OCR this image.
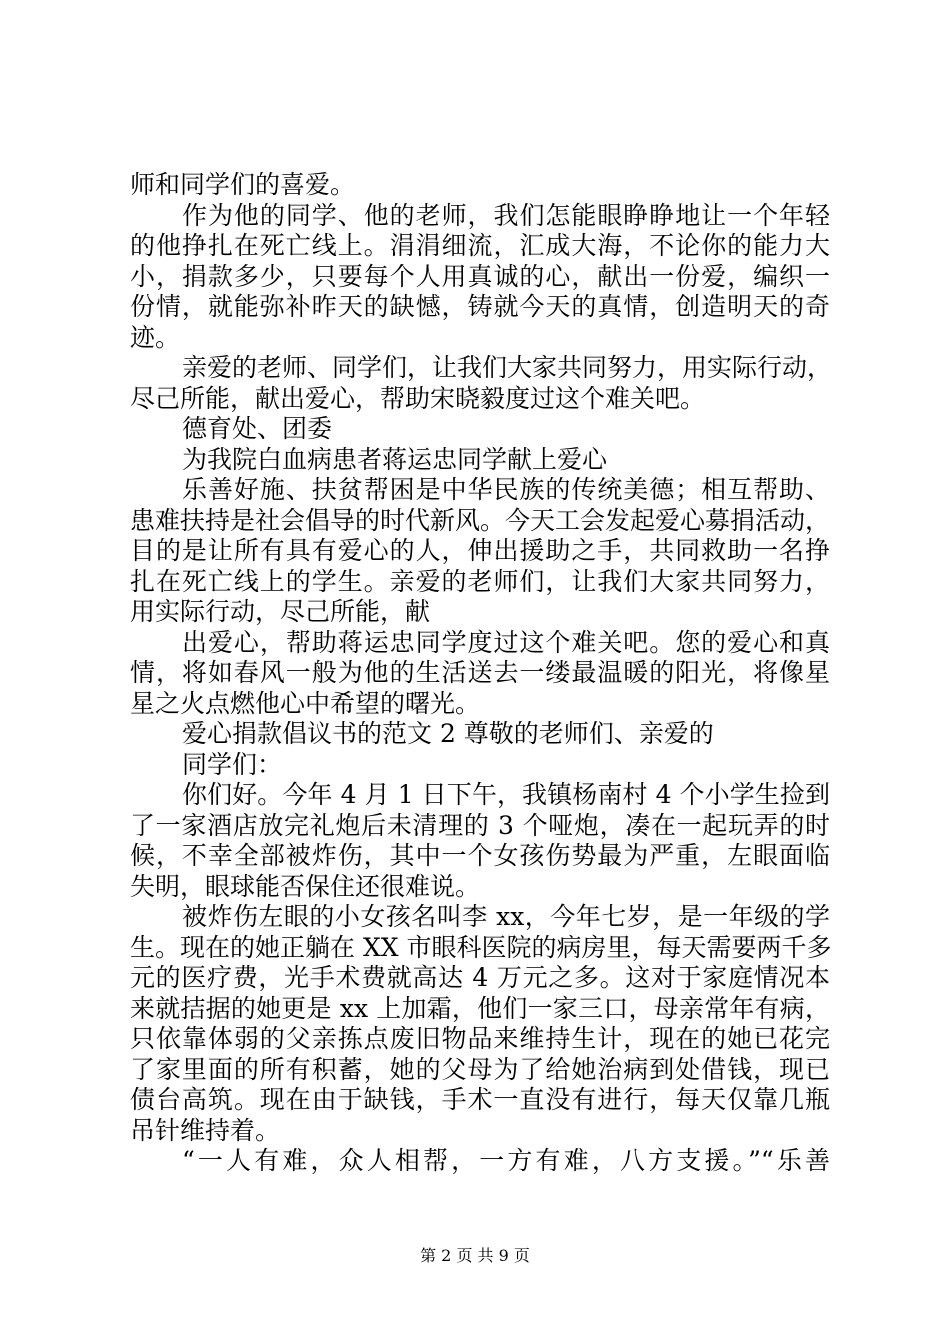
师和同学们的喜爱。
作为他的同学、他的老师，我们怎能眼睁睁地让一个年轻
的他挣扎在死亡线上。涓涓细流，汇成大海，不论你的能力大
小，捐款多少，只要每个人用真诚的心，献出一份爱，编织一
份情，就能弥补昨天的缺憾，铸就今天的真情，创造明天的奇
迹。
亲爱的老师、同学们，让我们大家共同努力，用实际行动，
尽己所能，献出爱心，帮助宋晓毅度过这个难关吧。
德育处、团委
为我院白血病患者蒋运忠同学献上爱心
乐善好施、扶贫帮困是中华民族的传统美德；相互帮助、
患难扶持是社会倡导的时代新风。今天工会发起爱心募捐活动，
目的是让所有具有爱心的人，伸出援助之手，共同救助一名挣
扎在死亡线上的学生。亲爱的老师们，让我们大家共同努力，
用实际行动，尽己所能，献
出爱心，帮助蒋运忠同学度过这个难关吧。您的爱心和真
情，将如春风一般为他的生活送去一缕最温暖的阳光，将像星
星之火点燃他心中希望的曙光。
爱心捐款倡议书的范文 2 尊敬的老师们、亲爱的
同学们：
你们好。今年 4 月 1 日下午，我镇杨南村 4 个小学生捡到
了一家酒店放完礼炮后未清理的 3 个哑炮，凑在一起玩弄的时
候，不幸全部被炸伤，其中一个女孩伤势最为严重，左眼面临
失明，眼球能否保住还很难说。
被炸伤左眼的小女孩名叫李 xx，今年七岁，是一年级的学
生。现在的她正躺在 XX 市眼科医院的病房里，每天需要两千多
元的医疗费，光手术费就高达 4 万元之多。这对于家庭情况本
来就拮据的她更是 xx 上加霜，他们一家三口，母亲常年有病，
只依靠体弱的父亲拣点废旧物品来维持生计，现在的她已花完
了家里面的所有积蓄，她的父母为了给她治病到处借钱，现已
债台高筑。现在由于缺钱，手术一直没有进行，每天仅靠几瓶
吊针维持着。
“一人有难，众人相帮，一方有难，八方支援。”“乐善
第 2 页 共 9 页
